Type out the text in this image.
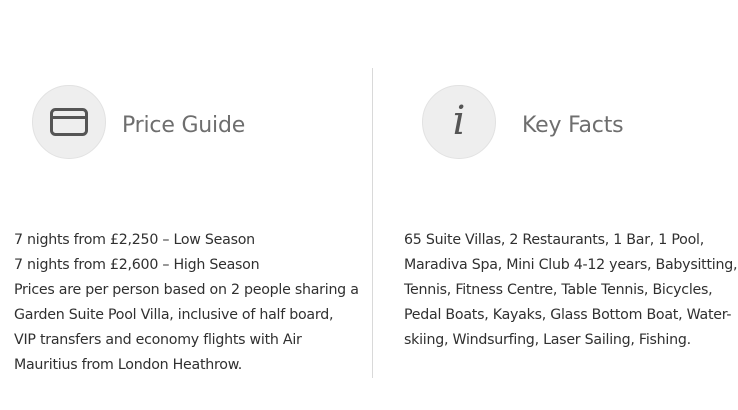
Price Guide

7 nights from £2,250 – Low Season
7 nights from £2,600 – High Season
Prices are per person based on 2 people sharing a
Garden Suite Pool Villa, inclusive of half board,
VIP transfers and economy flights with Air
Mauritius from London Heathrow.

i	Key Facts

65 Suite Villas, 2 Restaurants, 1 Bar, 1 Pool,
Maradiva Spa, Mini Club 4-12 years, Babysitting,
Tennis, Fitness Centre, Table Tennis, Bicycles,
Pedal Boats, Kayaks, Glass Bottom Boat, Water-
skiing, Windsurfing, Laser Sailing, Fishing.
